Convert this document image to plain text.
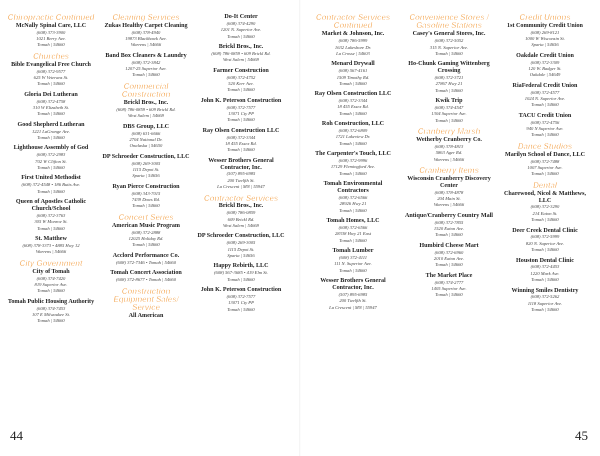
Chiropractic Continued
McNally Spinal Care, LLC
(608) 373-3900
1021 Berry Ave.
Tomah | 54660
Churches
Bible Evangelical Free Church
(608) 372-9577
625 W Veterans St.
Tomah | 54660
Gloria Dei Lutheran
(608) 372-4758
310 W Elizabeth St.
Tomah | 54660
Good Shepherd Lutheran
1221 LaGrange Ave.
Tomah | 54660
Lighthouse Assembly of God
(608) 372-2983
702 W Clifton St.
Tomah | 54660
First United Methodist
(608) 372-4548 • 186 Butts Ave.
Tomah | 54660
Queen of Apostles Catholic Church/School
(608) 372-3763
305 W Monroe St.
Tomah | 54660
St. Matthew
(608) 378-3373 • 4885 Hwy 12
Warrens | 54666
City Government
City of Tomah
(608) 374-7420
819 Superior Ave.
Tomah | 54660
Tomah Public Housing Authority
(608) 374-7453
107 E Milwaukee St.
Tomah | 54660
Cleaning Services
Zukas Healthy Carpet Cleaning
(608) 378-4940
19873 Blackhawk Ave.
Warrens | 54666
Band Box Cleaners & Laundry
(608) 372-3842
1207-25 Superior Ave.
Tomah | 54660
Commercial Construction
Brickl Bros., Inc.
(608) 786-0859 • 609 Brickl Rd.
West Salem | 54669
DBS Group, LLC
(608) 631-6666
2704 National Dr.
Onalaska | 54650
DP Schroeder Construction, LLC
(608) 269-3005
1115 Depot St.
Sparta | 54656
Ryan Pierce Construction
(608) 343-7015
7439 Daws Rd.
Tomah | 54660
Concert Series
American Music Program
(608) 372-2888
12025 Holiday Rd.
Tomah | 54660
Acclord Performance Co.
(608) 372-7346 • Tomah | 54660
Tomah Concert Association
(608) 372-8677 • Tomah | 54660
Construction Equipment Sales/ Service
All American
Do-It Center
(608) 374-4290
1201 N. Superior Ave.
Tomah | 54660
Brickl Bros., Inc.
(608) 786-0859 • 609 Brickl Rd.
West Salem | 54669
Farmer Construction
(608) 372-4752
520 Kerr Ave.
Tomah | 54660
John K. Peterson Construction
(608) 372-7577
13071 Cty PP
Tomah | 54660
Ray Olsen Construction LLC
(608) 372-3344
18 455 Essex Rd.
Tomah | 54660
Wesser Brothers General Contractor, Inc.
(507) 895-6985
200 Twelfth St.
La Crescent | MN | 55947
Contractor Services
Brickl Bros., Inc.
(608) 786-0859
609 Brickl Rd.
West Salem | 54669
DP Schroeder Construction, LLC
(608) 269-3005
1115 Depot St.
Sparta | 54656
Happy Rebirth, LLC
(608) 567-3685 • 419 Elm St.
Tomah | 54660
John K. Peterson Construction
(608) 372-7577
13071 Cty PP
Tomah | 54660
Contractor Services Continued
Market & Johnson, Inc.
(608) 786-5999
1632 Lakeshore Dr.
La Crosse | 54603
Menard Drywall
(608) 567-4161
1509 Timothy Rd.
Tomah | 54660
Ray Olsen Construction LLC
(608) 372-3344
18 455 Essex Rd.
Tomah | 54660
Roh Construction, LLC
(608) 372-6809
1721 Lakeview Dr.
Tomah | 54660
The Carpenter's Touch, LLC
(608) 372-9996
17129 Flemingford Ave.
Tomah | 54660
Tomah Environmental Contractors
(608) 372-6566
28926 Hwy 21
Tomah | 54660
Tomah Homes, LLC
(608) 372-6566
28338 Hwy 21 East
Tomah | 54660
Tomah Lumber
(608) 372-4111
111 N. Superior Ave.
Tomah | 54660
Wesser Brothers General Contractor, Inc.
(507) 895-6985
200 Twelfth St.
La Crescent | MN | 55947
Convenience Stores / Gasoline Stations
Casey's General Stores, Inc.
(608) 372-5052
315 N. Superior Ave.
Tomah | 54660
Ho-Chunk Gaming Wittenberg Crossing
(608) 372-3721
27867 Hwy 21
Tomah | 54660
Kwik Trip
(608) 374-4547
1304 Superior Ave.
Tomah | 54660
Cranberry Marsh
Wetherby Cranberry Co.
(608) 378-4813
5863 Ager Rd.
Warrens | 54666
Cranberry Items
Wisconsin Cranberry Discovery Center
(608) 378-4878
204 Main St.
Warrens | 54666
Antique/Cranberry Country Mall
(608) 372-7855
1520 Eaton Ave.
Tomah | 54660
Humbird Cheese Mart
(608) 372-6960
2010 Eaton Ave.
Tomah | 54660
The Market Place
(608) 374-2777
1405 Superior Ave.
Tomah | 54660
Credit Unions
1st Community Credit Union
(608) 269-8121
1000 W Wisconsin St.
Sparta | 54656
Oakdale Credit Union
(608) 372-3309
120 W. Badger St.
Oakdale | 54649
RiaFederal Credit Union
(608) 372-4577
1024 N. Superior Ave.
Tomah | 54660
TACU Credit Union
(608) 372-4756
940 N Superior Ave.
Tomah | 54660
Dance Studios
Marilyn School of Dance, LLC
(608) 372-7488
1007 Superior Ave.
Tomah | 54660
Dental
Charewood, Nicol & Matthews, LLC
(608) 372-3290
214 Eaton St.
Tomah | 54660
Deer Creek Dental Clinic
(608) 372-5999
820 N. Superior Ave.
Tomah | 54660
Houston Dental Clinic
(608) 372-4453
1220 Mark Ave.
Tomah | 54660
Winning Smiles Dentistry
(608) 372-5262
1118 Superior Ave.
Tomah | 54660
44	45
